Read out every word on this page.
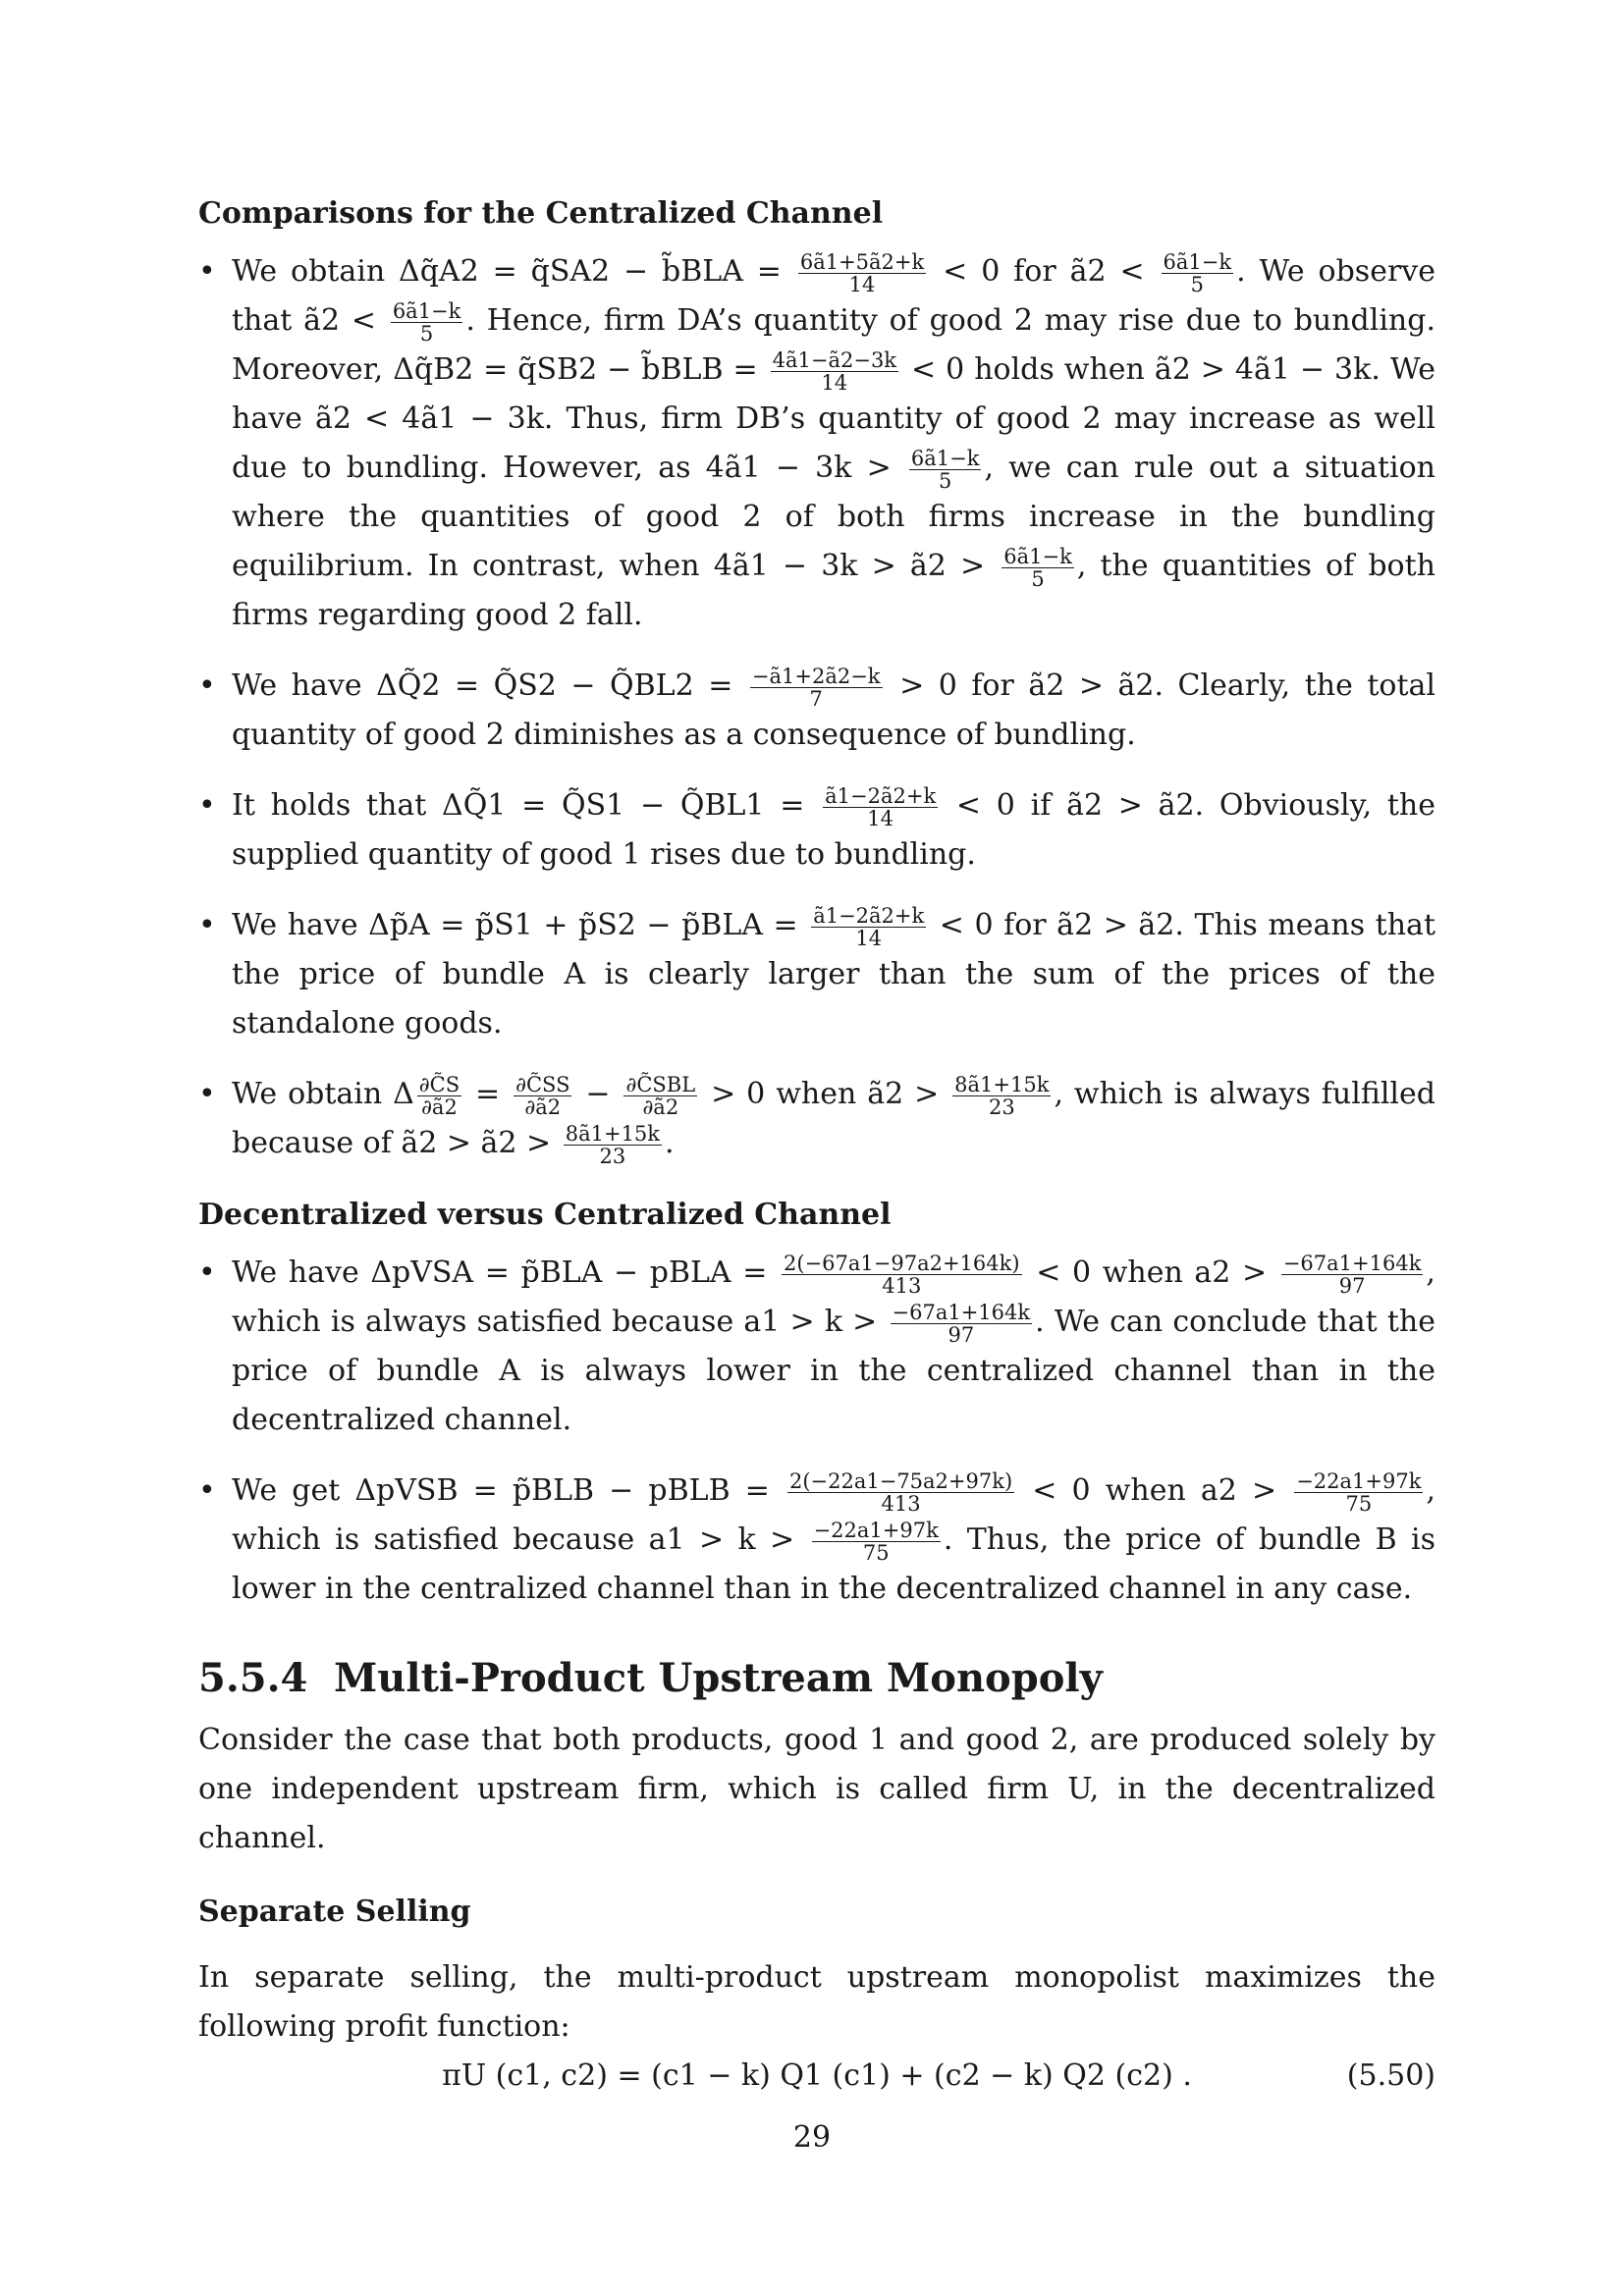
Comparisons for the Centralized Channel

• We obtain Δq̃A2 = q̃SA2 − b̃BLA = $\frac{6ã1+5ã2+k}{14} < 0$ for ã2 < $\frac{6ã1-k}{5}$ . We observe that ã2 < $\frac{6ã1-k}{5}$ . Hence, firm DA’s quantity of good 2 may rise due to bundling. Moreover, Δq̃B2 = q̃SB2 − b̃BLB = $\frac{4ã1-ã2-3k}{14} < 0$ holds when ã2 > 4ã1 − 3k. We have ã2 < 4ã1 − 3k. Thus, firm DB’s quantity of good 2 may increase as well due to bundling. However, as 4ã1 − $3k > \frac{6ã1-k}{5}$ , we can rule out a situation where the quantities of good 2 of both firms increase in the bundling equilibrium. In contrast, when 4ã1 − 3k > ã2 > $\frac{6ã1-k}{5}$ , the quantities of both firms regarding good 2 fall.
• We have ΔQ̃2 = Q̃S2 − Q̃BL2 = $\frac{-ã1+2ã2-k}{7} > 0$ for ã2 > ã2. Clearly, the total quantity of good 2 diminishes as a consequence of bundling.
• It holds that ΔQ̃1 = Q̃S1 − Q̃BL1 = $\frac{ã1-2ã2+k}{14} < 0$ if ã2 > ã2. Obviously, the supplied quantity of good 1 rises due to bundling.
• We have Δp̃A = p̃S1 + p̃S2 − p̃BLA = $\frac{ã1-2ã2+k}{14} < 0$ for ã2 > ã2. This means that the price of bundle A is clearly larger than the sum of the prices of the standalone goods.
• We obtain Δ $\frac{\partial C̃S}{\partial ã2} = \frac{\partial C̃SS}{\partial ã2}$ − ∂C̃SBL
∂ã2	> 0 when ã2 > $\frac{8ã1+15k}{23}$ , which is always fulfilled because of ã2 > ã2 > $\frac{8ã1+15k}{23}$ .

Decentralized versus Centralized Channel

• We have ΔpVSA = p̃BLA − pBLA = $\frac{2(-67a1-97a2+164k)}{413} < 0$ when $a2 > \frac{-67a1+164k}{97}$ , which is always satisfied because $a1 > k > \frac{-67a1+164k}{97}$ . We can conclude that the price of bundle A is always lower in the centralized channel than in the decentralized channel.
• We get ΔpVSB = p̃BLB − pBLB = $\frac{2(-22a1-75a2+97k)}{413} < 0$ when $a2 > \frac{-22a1+97k}{75}$ , which is satisfied because $a1 > k > \frac{-22a1+97k}{75}$ . Thus, the price of bundle B is lower in the centralized channel than in the decentralized channel in any case.
5.5.4 Multi-Product Upstream Monopoly

Consider the case that both products, good 1 and good 2, are produced solely by one independent upstream firm, which is called firm U, in the decentralized channel.

Separate Selling

In separate selling, the multi-product upstream monopolist maximizes the following profit function:

πU (c1, c2) = (c1 − k) Q1 (c1) + (c2 − k) Q2 (c2) .	(5.50)

29
